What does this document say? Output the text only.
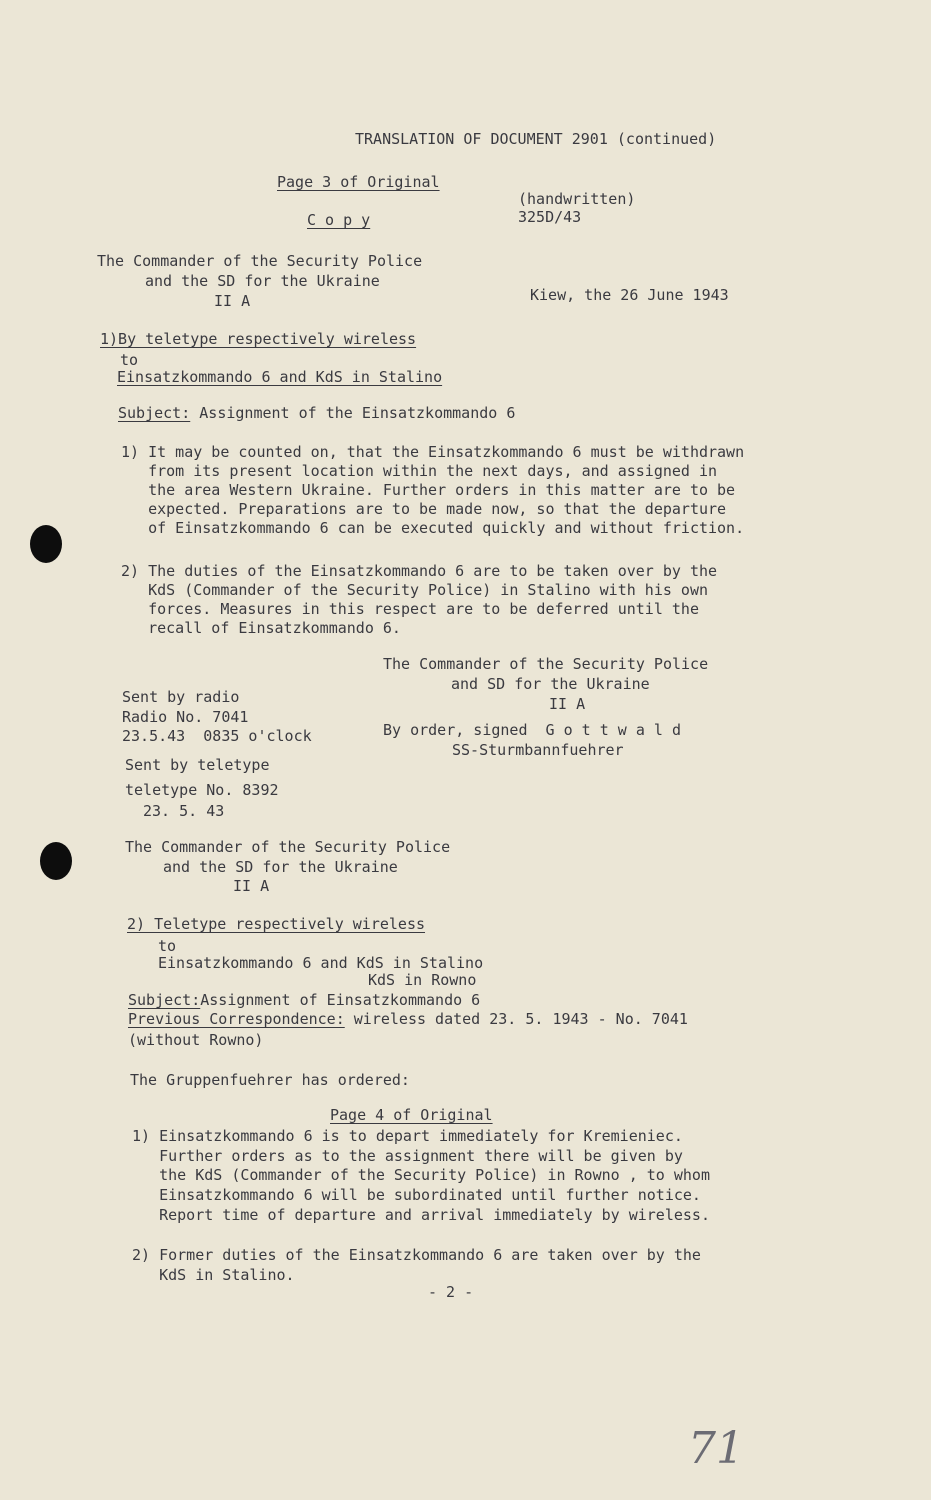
TRANSLATION OF DOCUMENT 2901 (continued)
Page 3 of Original
C o p y
(handwritten)
325D/43
The Commander of the Security Police
and the SD for the Ukraine
II A	Kiew, the 26 June 1943
1)By teletype respectively wireless
to
Einsatzkommando 6 and KdS in Stalino
Subject: Assignment of the Einsatzkommando 6
1) It may be counted on, that the Einsatzkommando 6 must be withdrawn
from its present location within the next days, and assigned in
the area Western Ukraine. Further orders in this matter are to be
expected. Preparations are to be made now, so that the departure
of Einsatzkommando 6 can be executed quickly and without friction.
2) The duties of the Einsatzkommando 6 are to be taken over by the
KdS (Commander of the Security Police) in Stalino with his own
forces. Measures in this respect are to be deferred until the
recall of Einsatzkommando 6.
The Commander of the Security Police
and SD for the Ukraine
II A
By order, signed  G o t t w a l d
SS-Sturmbannfuehrer
Sent by radio
Radio No. 7041
23.5.43  0835 o'clock
Sent by teletype
teletype No. 8392
23. 5. 43
The Commander of the Security Police
and the SD for the Ukraine
II A
2) Teletype respectively wireless
to
Einsatzkommando 6 and KdS in Stalino
KdS in Rowno
Subject:Assignment of Einsatzkommando 6
Previous Correspondence: wireless dated 23. 5. 1943 - No. 7041
(without Rowno)
The Gruppenfuehrer has ordered:
Page 4 of Original
1) Einsatzkommando 6 is to depart immediately for Kremieniec.
Further orders as to the assignment there will be given by
the KdS (Commander of the Security Police) in Rowno , to whom
Einsatzkommando 6 will be subordinated until further notice.
Report time of departure and arrival immediately by wireless.
2) Former duties of the Einsatzkommando 6 are taken over by the
KdS in Stalino.
- 2 -
71
